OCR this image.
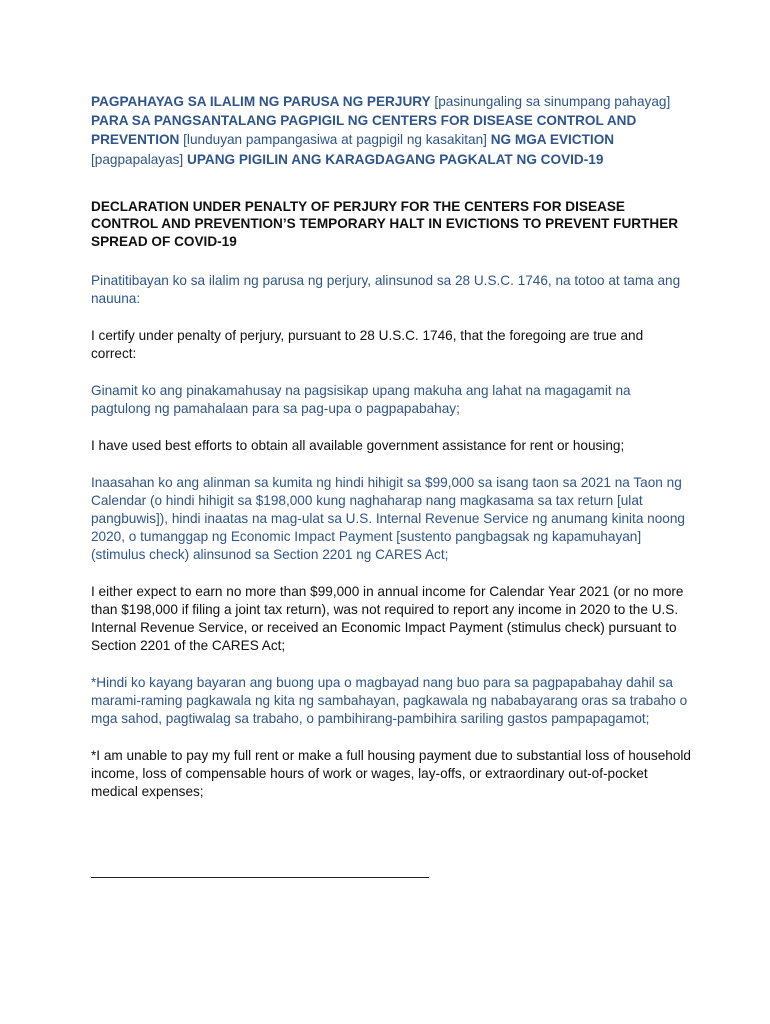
PAGPAHAYAG SA ILALIM NG PARUSA NG PERJURY [pasinungaling sa sinumpang pahayag] PARA SA PANGSANTALANG PAGPIGIL NG CENTERS FOR DISEASE CONTROL AND PREVENTION [lunduyan pampangasiwa at pagpigil ng kasakitan] NG MGA EVICTION [pagpapalayas] UPANG PIGILIN ANG KARAGDAGANG PAGKALAT NG COVID-19

DECLARATION UNDER PENALTY OF PERJURY FOR THE CENTERS FOR DISEASE CONTROL AND PREVENTION’S TEMPORARY HALT IN EVICTIONS TO PREVENT FURTHER SPREAD OF COVID-19

Pinatitibayan ko sa ilalim ng parusa ng perjury, alinsunod sa 28 U.S.C. 1746, na totoo at tama ang nauuna:

I certify under penalty of perjury, pursuant to 28 U.S.C. 1746, that the foregoing are true and correct:

Ginamit ko ang pinakamahusay na pagsisikap upang makuha ang lahat na magagamit na pagtulong ng pamahalaan para sa pag-upa o pagpapabahay;

I have used best efforts to obtain all available government assistance for rent or housing;

Inaasahan ko ang alinman sa kumita ng hindi hihigit sa $99,000 sa isang taon sa 2021 na Taon ng Calendar (o hindi hihigit sa $198,000 kung naghaharap nang magkasama sa tax return [ulat pangbuwis]), hindi inaatas na mag-ulat sa U.S. Internal Revenue Service ng anumang kinita noong 2020, o tumanggap ng Economic Impact Payment [sustento pangbagsak ng kapamuhayan] (stimulus check) alinsunod sa Section 2201 ng CARES Act;

I either expect to earn no more than $99,000 in annual income for Calendar Year 2021 (or no more than $198,000 if filing a joint tax return), was not required to report any income in 2020 to the U.S. Internal Revenue Service, or received an Economic Impact Payment (stimulus check) pursuant to Section 2201 of the CARES Act;

*Hindi ko kayang bayaran ang buong upa o magbayad nang buo para sa pagpapabahay dahil sa marami-raming pagkawala ng kita ng sambahayan, pagkawala ng nababayarang oras sa trabaho o mga sahod, pagtiwalag sa trabaho, o pambihirang-pambihira sariling gastos pampapagamot;

*I am unable to pay my full rent or make a full housing payment due to substantial loss of household income, loss of compensable hours of work or wages, lay-offs, or extraordinary out-of-pocket medical expenses;
